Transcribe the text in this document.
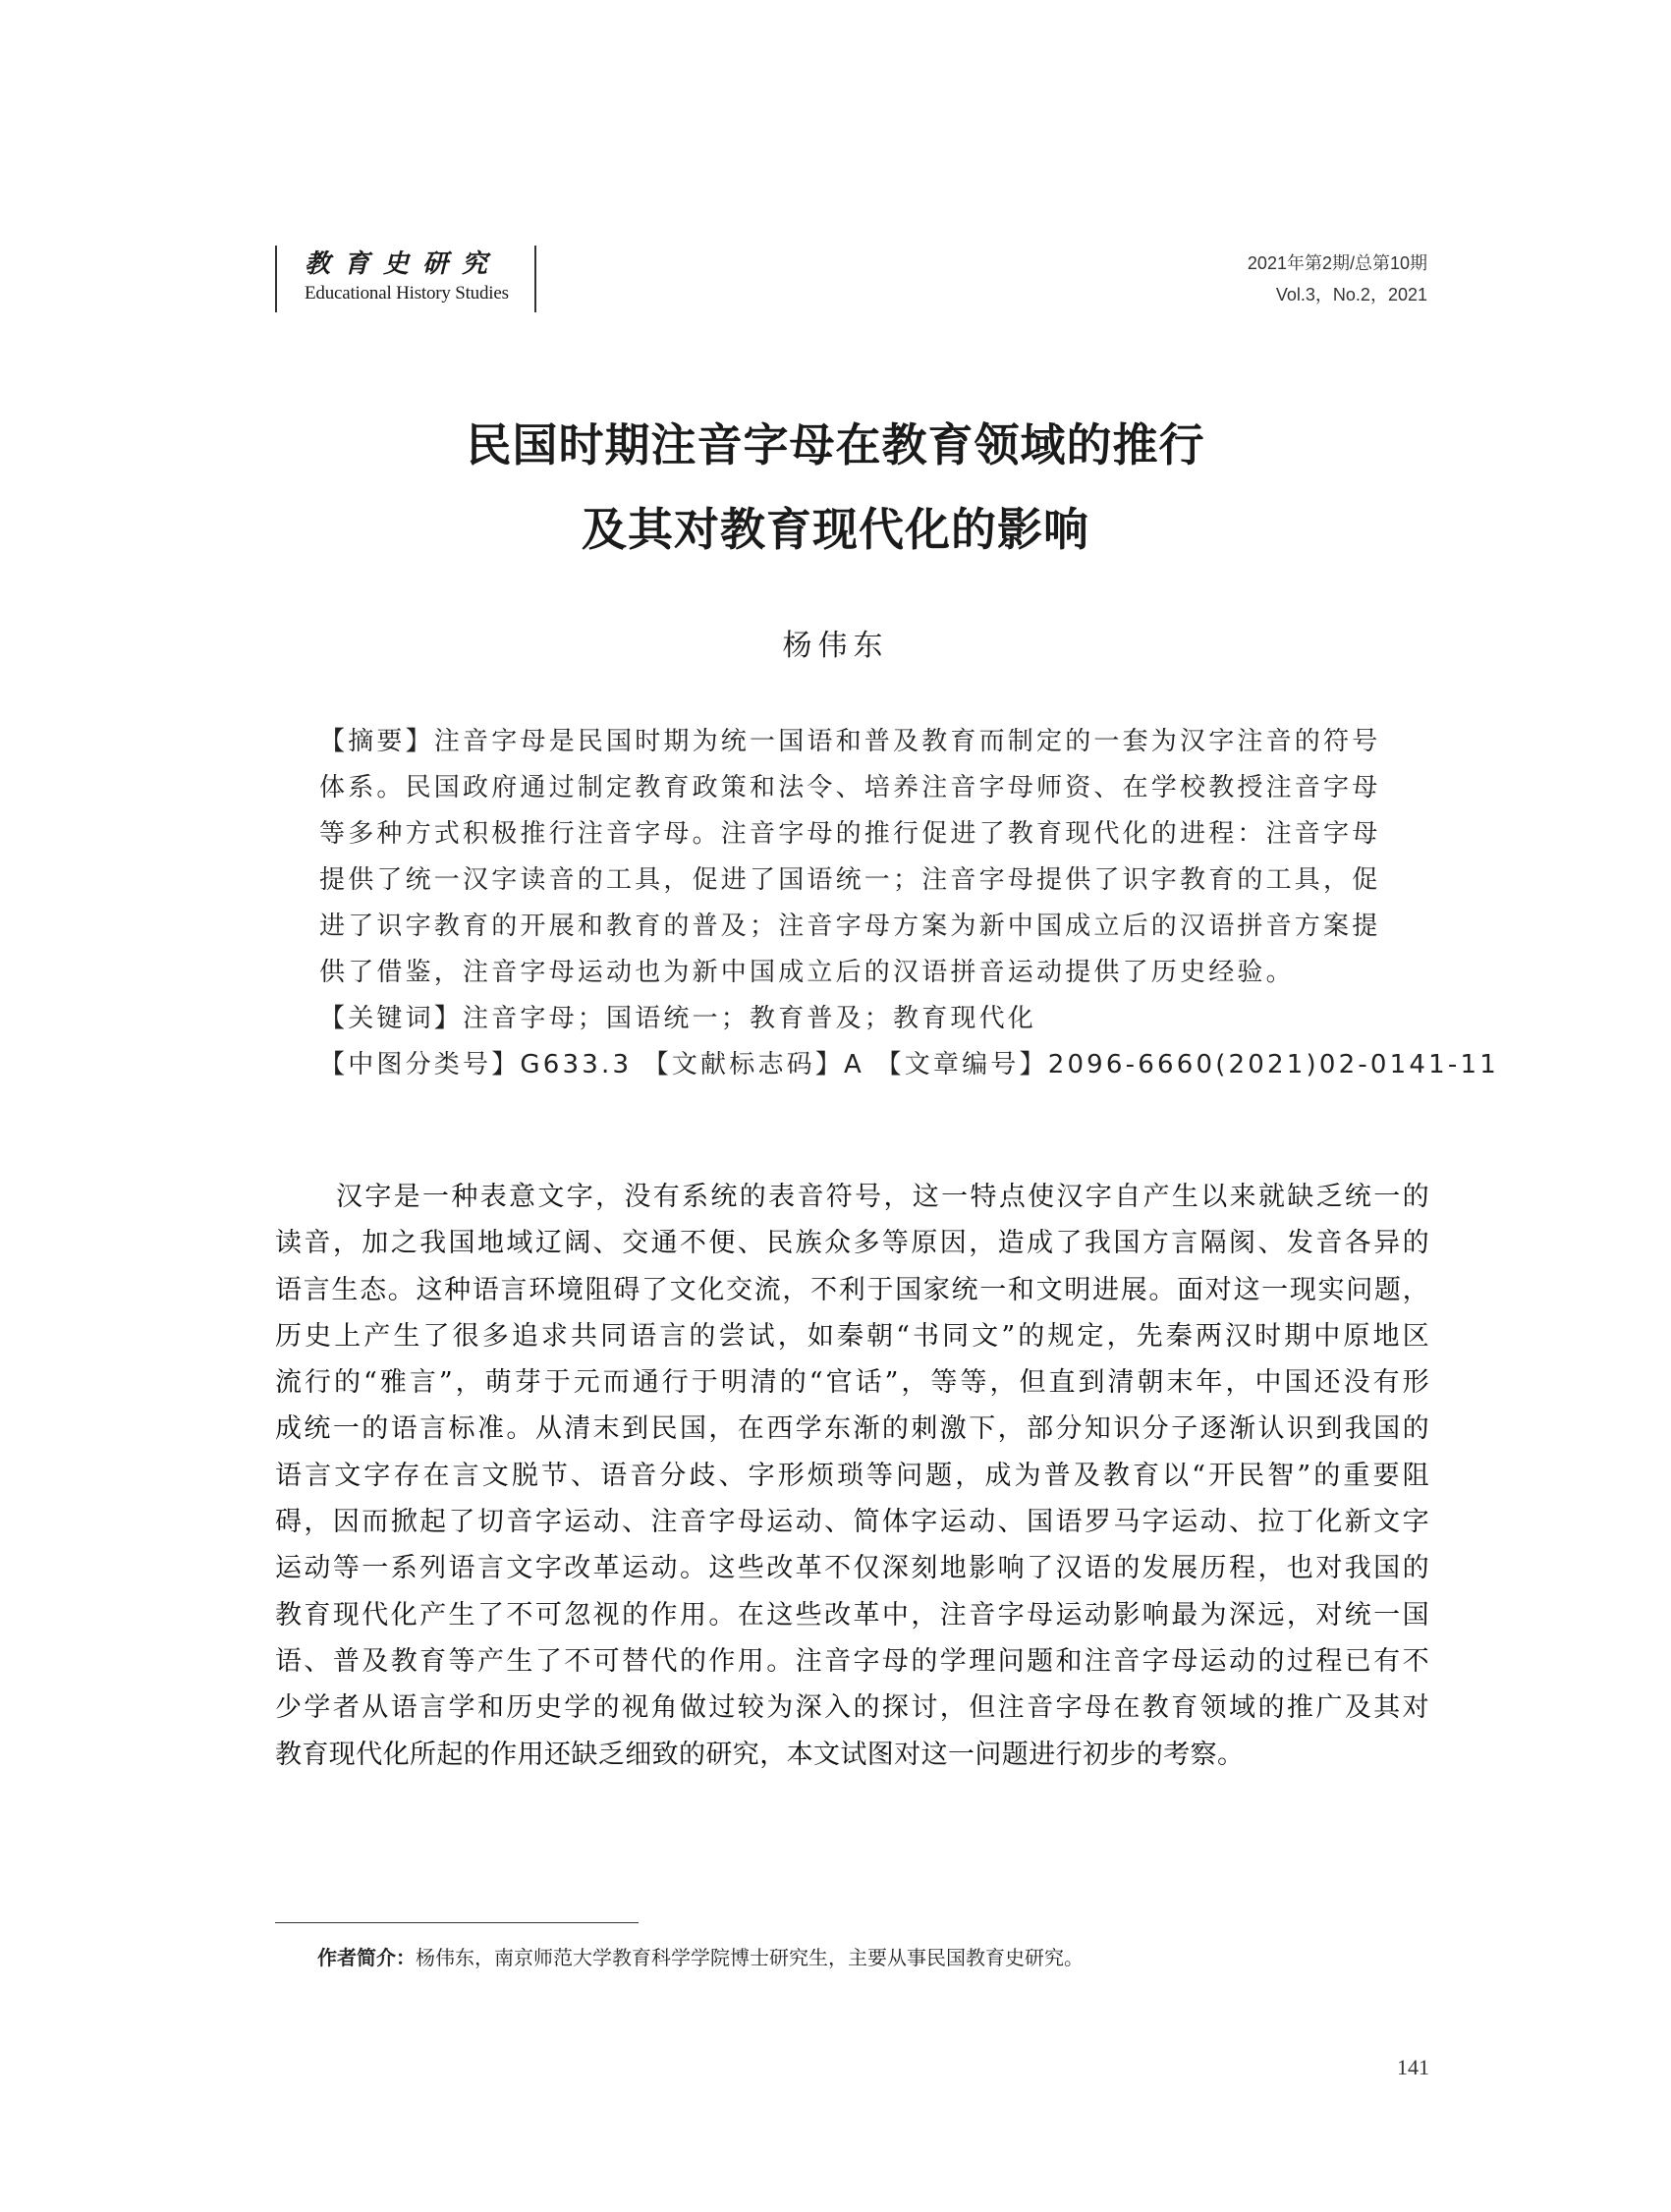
教育史研究
Educational History Studies
2021年第2期/总第10期
Vol.3，No.2，2021
民国时期注音字母在教育领域的推行
及其对教育现代化的影响
杨伟东
【摘要】注音字母是民国时期为统一国语和普及教育而制定的一套为汉字注音的符号
体系。民国政府通过制定教育政策和法令、培养注音字母师资、在学校教授注音字母
等多种方式积极推行注音字母。注音字母的推行促进了教育现代化的进程：注音字母
提供了统一汉字读音的工具，促进了国语统一；注音字母提供了识字教育的工具，促
进了识字教育的开展和教育的普及；注音字母方案为新中国成立后的汉语拼音方案提
供了借鉴，注音字母运动也为新中国成立后的汉语拼音运动提供了历史经验。
【关键词】注音字母；国语统一；教育普及；教育现代化
【中图分类号】G633.3 【文献标志码】A 【文章编号】2096-6660(2021)02-0141-11
汉字是一种表意文字，没有系统的表音符号，这一特点使汉字自产生以来就缺乏统一的
读音，加之我国地域辽阔、交通不便、民族众多等原因，造成了我国方言隔阂、发音各异的
语言生态。这种语言环境阻碍了文化交流，不利于国家统一和文明进展。面对这一现实问题，
历史上产生了很多追求共同语言的尝试，如秦朝“书同文”的规定，先秦两汉时期中原地区
流行的“雅言”，萌芽于元而通行于明清的“官话”，等等，但直到清朝末年，中国还没有形
成统一的语言标准。从清末到民国，在西学东渐的刺激下，部分知识分子逐渐认识到我国的
语言文字存在言文脱节、语音分歧、字形烦琐等问题，成为普及教育以“开民智”的重要阻
碍，因而掀起了切音字运动、注音字母运动、简体字运动、国语罗马字运动、拉丁化新文字
运动等一系列语言文字改革运动。这些改革不仅深刻地影响了汉语的发展历程，也对我国的
教育现代化产生了不可忽视的作用。在这些改革中，注音字母运动影响最为深远，对统一国
语、普及教育等产生了不可替代的作用。注音字母的学理问题和注音字母运动的过程已有不
少学者从语言学和历史学的视角做过较为深入的探讨，但注音字母在教育领域的推广及其对
教育现代化所起的作用还缺乏细致的研究，本文试图对这一问题进行初步的考察。
作者简介：杨伟东，南京师范大学教育科学学院博士研究生，主要从事民国教育史研究。
141
